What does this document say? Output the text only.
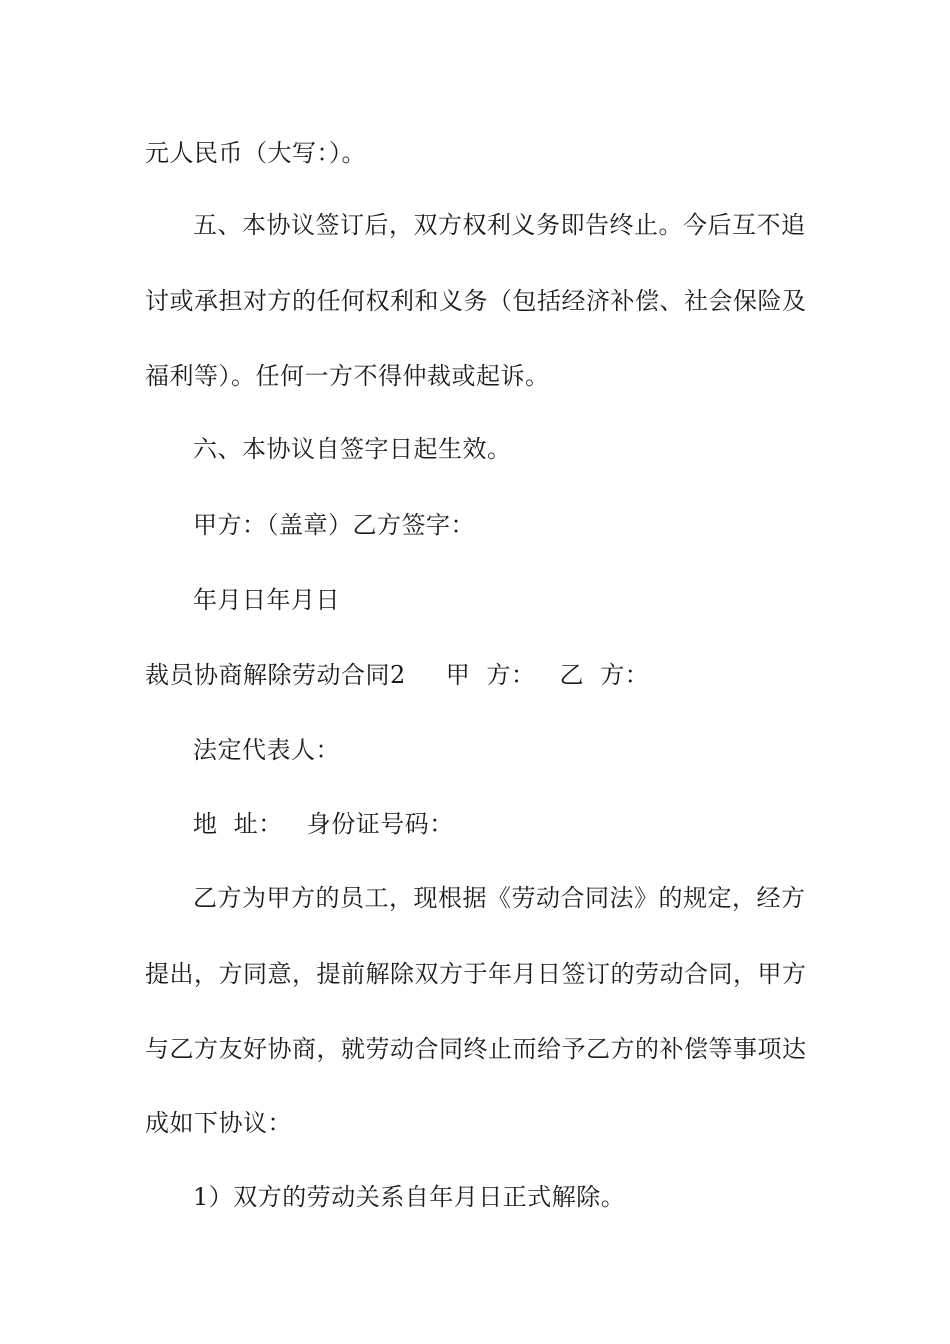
元人民币（大写：）。
五、本协议签订后，双方权利义务即告终止。今后互不追
讨或承担对方的任何权利和义务（包括经济补偿、社会保险及
福利等）。任何一方不得仲裁或起诉。
六、本协议自签字日起生效。
甲方：（盖章）乙方签字：
年月日年月日
裁员协商解除劳动合同2 甲  方： 乙  方：
法定代表人：
地  址： 身份证号码：
乙方为甲方的员工，现根据《劳动合同法》的规定，经方
提出，方同意，提前解除双方于年月日签订的劳动合同，甲方
与乙方友好协商，就劳动合同终止而给予乙方的补偿等事项达
成如下协议：
1）双方的劳动关系自年月日正式解除。
